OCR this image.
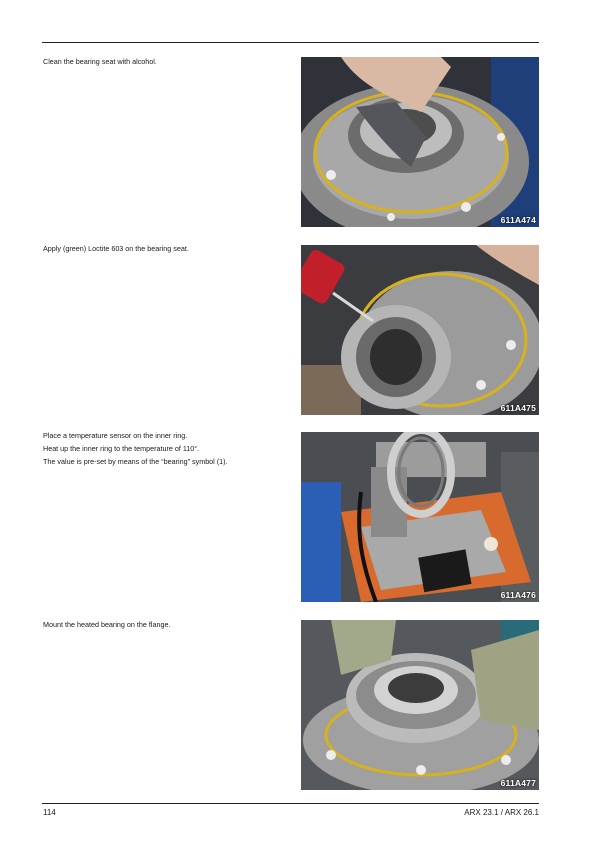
Clean the bearing seat with alcohol.

611A474

Apply (green) Loctite 603 on the bearing seat.

611A475

Place a temperature sensor on the inner ring.

Heat up the inner ring to the temperature of 110°.

The value is pre-set by means of the “bearing” symbol (1).

611A476

Mount the heated bearing on the flange.

611A477
114	ARX 23.1 / ARX 26.1
